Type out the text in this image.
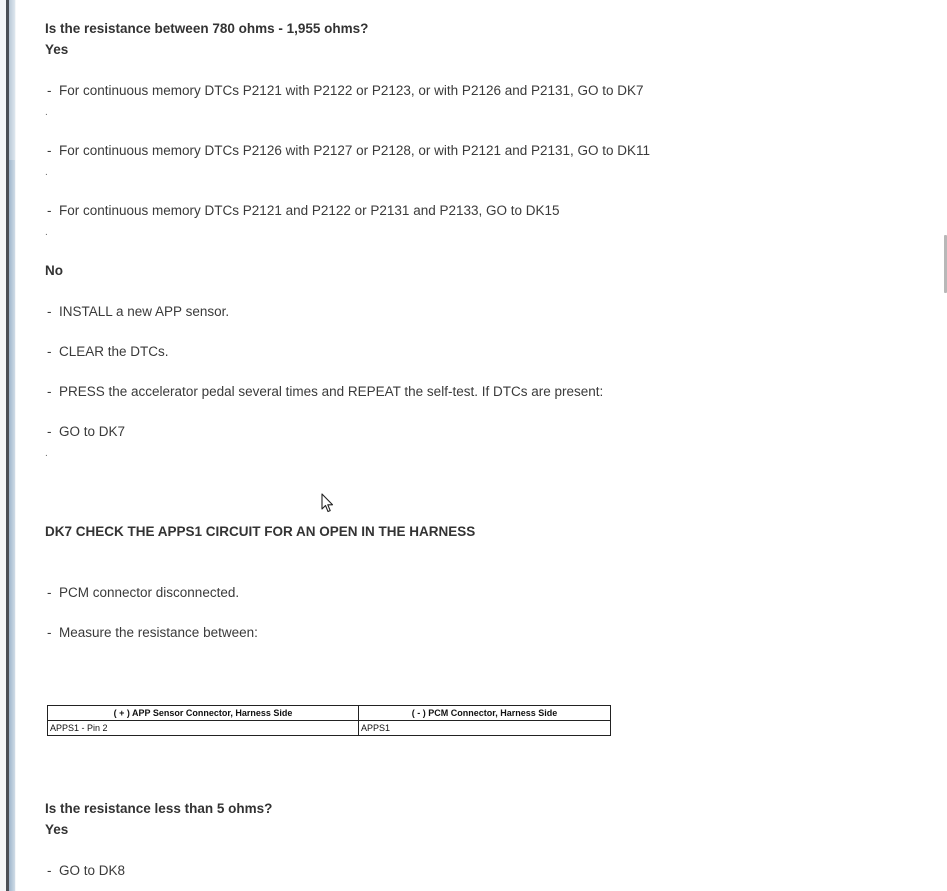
Is the resistance between 780 ohms - 1,955 ohms?
Yes
- For continuous memory DTCs P2121 with P2122 or P2123, or with P2126 and P2131, GO to DK7
.
- For continuous memory DTCs P2126 with P2127 or P2128, or with P2121 and P2131, GO to DK11
.
- For continuous memory DTCs P2121 and P2122 or P2131 and P2133, GO to DK15
.
No
- INSTALL a new APP sensor.
- CLEAR the DTCs.
- PRESS the accelerator pedal several times and REPEAT the self-test. If DTCs are present:
- GO to DK7
.
DK7 CHECK THE APPS1 CIRCUIT FOR AN OPEN IN THE HARNESS
- PCM connector disconnected.
- Measure the resistance between:
( + ) APP Sensor Connector, Harness Side	( - ) PCM Connector, Harness Side
APPS1 - Pin 2	APPS1
Is the resistance less than 5 ohms?
Yes
- GO to DK8
